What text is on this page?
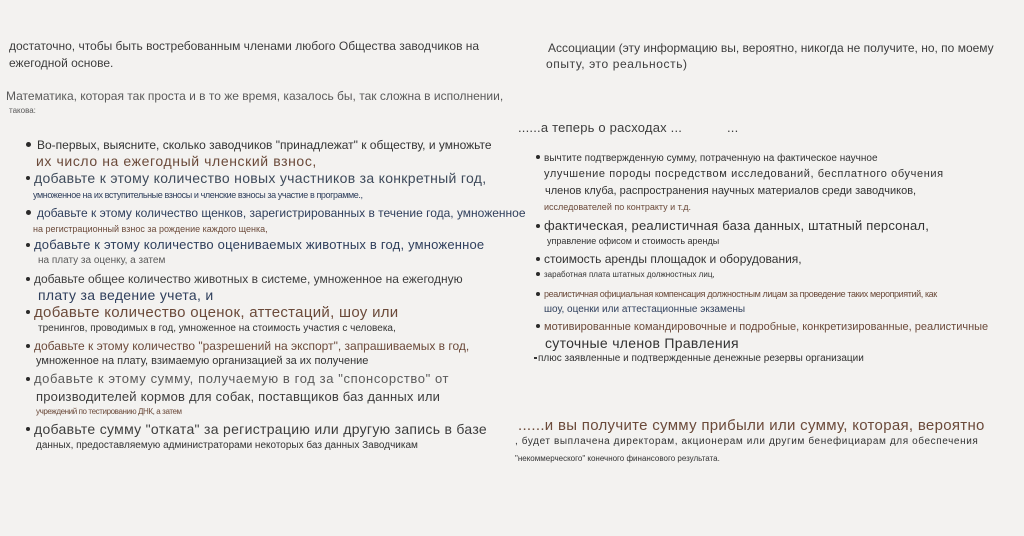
достаточно, чтобы быть востребованным членами любого Общества заводчиков на
ежегодной основе.
Математика, которая так проста и в то же время, казалось бы, так сложна в исполнении,
такова:
Во-первых, выясните, сколько заводчиков "принадлежат" к обществу, и умножьте
их число на ежегодный членский взнос,
добавьте к этому количество новых участников за конкретный год,
умноженное на их вступительные взносы и членские взносы за участие в программе.,
добавьте к этому количество щенков, зарегистрированных в течение года, умноженное
на регистрационный взнос за рождение каждого щенка,
добавьте к этому количество оцениваемых животных в год, умноженное
на плату за оценку, а затем
добавьте общее количество животных в системе, умноженное на ежегодную
плату за ведение учета, и
добавьте количество оценок, аттестаций, шоу или
тренингов, проводимых в год, умноженное на стоимость участия с человека,
добавьте к этому количество "разрешений на экспорт", запрашиваемых в год,
умноженное на плату, взимаемую организацией за их получение
добавьте к этому сумму, получаемую в год за "спонсорство" от
производителей кормов для собак, поставщиков баз данных или
учреждений по тестированию ДНК, а затем
добавьте сумму "отката" за регистрацию или другую запись в базе
данных, предоставляемую администраторами некоторых баз данных Заводчикам
Ассоциации (эту информацию вы, вероятно, никогда не получите, но, по моему
опыту, это реальность)
......а теперь о расходах ...	...
вычтите подтвержденную сумму, потраченную на фактическое научное
улучшение породы посредством исследований, бесплатного обучения
членов клуба, распространения научных материалов среди заводчиков,
исследователей по контракту и т.д.
фактическая, реалистичная база данных, штатный персонал,
управление офисом и стоимость аренды
стоимость аренды площадок и оборудования,
заработная плата штатных должностных лиц,
реалистичная официальная компенсация должностным лицам за проведение таких мероприятий, как
шоу, оценки или аттестационные экзамены
мотивированные командировочные и подробные, конкретизированные, реалистичные
суточные членов Правления
плюс заявленные и подтвержденные денежные резервы организации
......и вы получите сумму прибыли или сумму, которая, вероятно
, будет выплачена директорам, акционерам или другим бенефициарам для обеспечения
"некоммерческого" конечного финансового результата.
